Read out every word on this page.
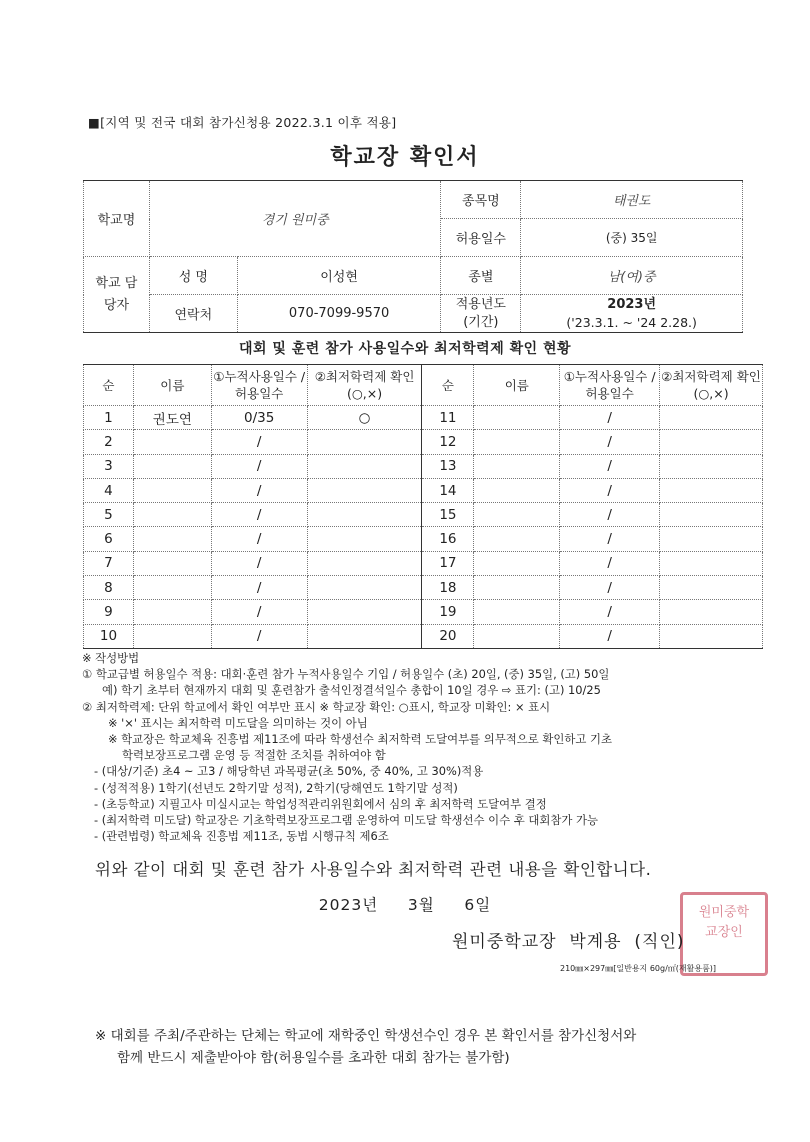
■[지역 및 전국 대회 참가신청용 2022.3.1 이후 적용]
학교장 확인서
학교명	경기 원미중		종목명	태권도
			허용일수	(중) 35일
학교 담당자	성 명	이성현	종별	남(여)중
	연락처	070-7099-9570	적용년도 (기간)	2023년
('23.3.1. ~ '24 2.28.)
대회 및 훈련 참가 사용일수와 최저학력제 확인 현황
순	이름	①누적사용일수 /허용일수	②최저학력제 확인(○,×)	순	이름	①누적사용일수 /허용일수	②최저학력제 확인(○,×)
1	권도연	0/35	○	11		/	
2		/		12		/	
3		/		13		/	
4		/		14		/	
5		/		15		/	
6		/		16		/	
7		/		17		/	
8		/		18		/	
9		/		19		/	
10		/		20		/	
※ 작성방법
① 학교급별 허용일수 적용: 대회·훈련 참가 누적사용일수 기입 / 허용일수 (초) 20일, (중) 35일, (고) 50일
예) 학기 초부터 현재까지 대회 및 훈련참가 출석인정결석일수 총합이 10일 경우 ⇨ 표기: (고) 10/25
② 최저학력제: 단위 학교에서 확인 여부만 표시 ※ 학교장 확인: ○표시, 학교장 미확인: × 표시
※ '×' 표시는 최저학력 미도달을 의미하는 것이 아님
※ 학교장은 학교체육 진흥법 제11조에 따라 학생선수 최저학력 도달여부를 의무적으로 확인하고 기초
학력보장프로그램 운영 등 적절한 조치를 취하여야 함
- (대상/기준) 초4 ~ 고3 / 해당학년 과목평균(초 50%, 중 40%, 고 30%)적용
- (성적적용) 1학기(선년도 2학기말 성적), 2학기(당해연도 1학기말 성적)
- (초등학교) 지필고사 미실시교는 학업성적관리위원회에서 심의 후 최저학력 도달여부 결정
- (최저학력 미도달) 학교장은 기초학력보장프로그램 운영하여 미도달 학생선수 이수 후 대회참가 가능
- (관련법령) 학교체육 진흥법 제11조, 동법 시행규칙 제6조
위와 같이 대회 및 훈련 참가 사용일수와 최저학력 관련 내용을 확인합니다.
2023년 3월 6일	원미중학교장인
원미중학교장  박계용  (직인)
210㎜×297㎜[일반용지 60g/㎡(재활용품)]
※ 대회를 주최/주관하는 단체는 학교에 재학중인 학생선수인 경우 본 확인서를 참가신청서와
함께 반드시 제출받아야 함(허용일수를 초과한 대회 참가는 불가함)
